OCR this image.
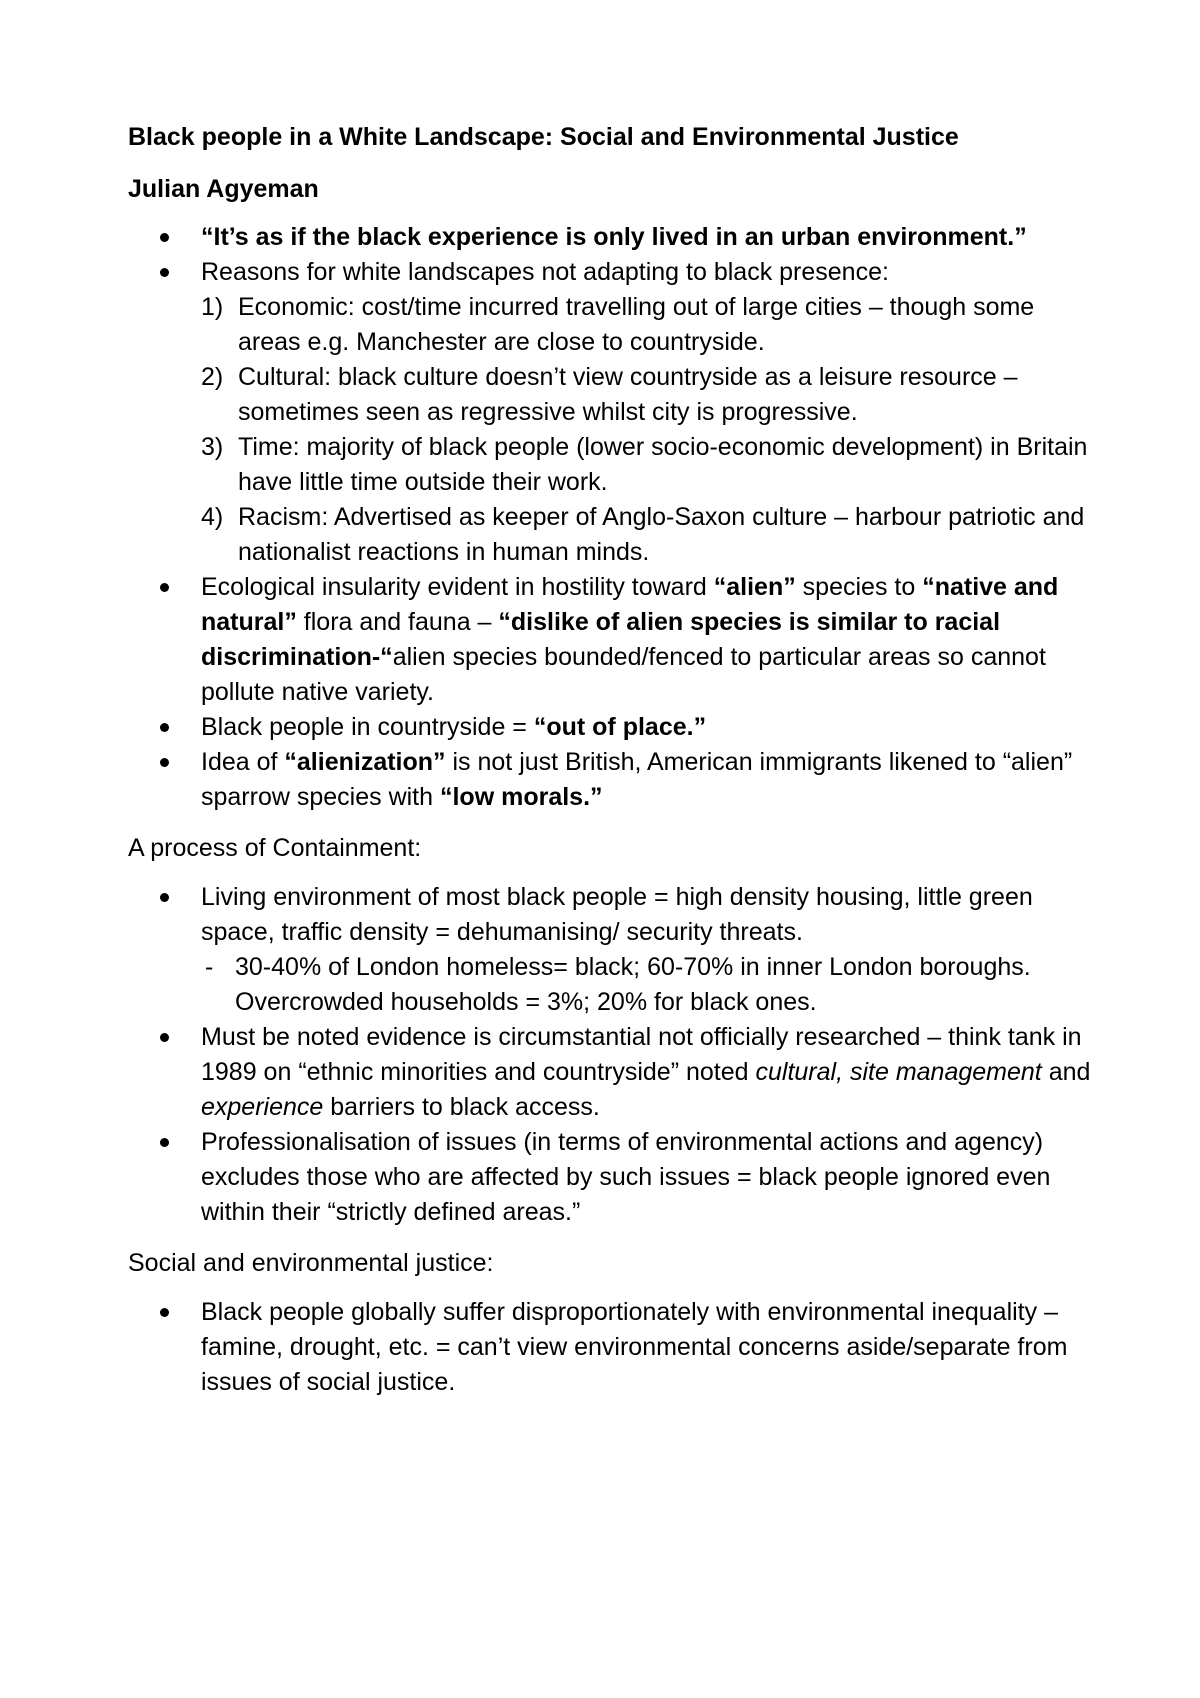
Black people in a White Landscape: Social and Environmental Justice
Julian Agyeman
“It’s as if the black experience is only lived in an urban environment.”
Reasons for white landscapes not adapting to black presence:
1) Economic: cost/time incurred travelling out of large cities – though some areas e.g. Manchester are close to countryside.
2) Cultural: black culture doesn’t view countryside as a leisure resource – sometimes seen as regressive whilst city is progressive.
3) Time: majority of black people (lower socio-economic development) in Britain have little time outside their work.
4) Racism: Advertised as keeper of Anglo-Saxon culture – harbour patriotic and nationalist reactions in human minds.
Ecological insularity evident in hostility toward “alien” species to “native and natural” flora and fauna – “dislike of alien species is similar to racial discrimination-“alien species bounded/fenced to particular areas so cannot pollute native variety.
Black people in countryside = “out of place.”
Idea of “alienization” is not just British, American immigrants likened to “alien” sparrow species with “low morals.”
A process of Containment:
Living environment of most black people = high density housing, little green space, traffic density = dehumanising/ security threats.
- 30-40% of London homeless= black; 60-70% in inner London boroughs. Overcrowded households = 3%; 20% for black ones.
Must be noted evidence is circumstantial not officially researched – think tank in 1989 on “ethnic minorities and countryside” noted cultural, site management and experience barriers to black access.
Professionalisation of issues (in terms of environmental actions and agency) excludes those who are affected by such issues = black people ignored even within their “strictly defined areas.”
Social and environmental justice:
Black people globally suffer disproportionately with environmental inequality –famine, drought, etc. = can’t view environmental concerns aside/separate from issues of social justice.
